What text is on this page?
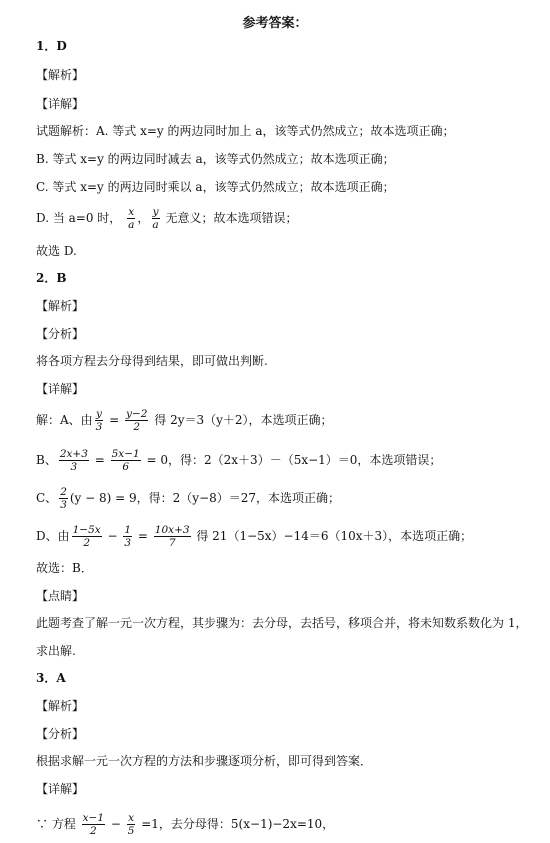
参考答案：
1．D
【解析】
【详解】
试题解析：A. 等式 x=y 的两边同时加上 a，该等式仍然成立；故本选项正确；
B. 等式 x=y 的两边同时减去 a，该等式仍然成立；故本选项正确；
C. 等式 x=y 的两边同时乘以 a，该等式仍然成立；故本选项正确；
D. 当 a=0 时， $\frac{x}{a}$ ， $\frac{y}{a}$ 无意义；故本选项错误；
故选 D.
2．B
【解析】
【分析】
将各项方程去分母得到结果，即可做出判断.
【详解】
解：A、由 $\frac{y}{3} = \frac{y-2}{2}$ 得 2y＝3（y＋2），本选项正确；
B、 $\frac{2x+3}{3} = \frac{5x-1}{6} = 0$，得：2（2x＋3）－（5x−1）＝0，本选项错误；
C、 $\frac{2}{3} (y - 8) = 9$，得：2（y−8）＝27，本选项正确；
D、由 $\frac{1-5x}{2} - \frac{1}{3} = \frac{10x+3}{7}$ 得 21（1−5x）−14＝6（10x＋3），本选项正确；
故选：B．
【点睛】
此题考查了解一元一次方程，其步骤为：去分母，去括号，移项合并，将未知数系数化为 1，
求出解.
3．A
【解析】
【分析】
根据求解一元一次方程的方法和步骤逐项分析，即可得到答案．
【详解】
∵ 方程 $\frac{x-1}{2} - \frac{x}{5} =1$，去分母得：5(x−1)−2x=10，
